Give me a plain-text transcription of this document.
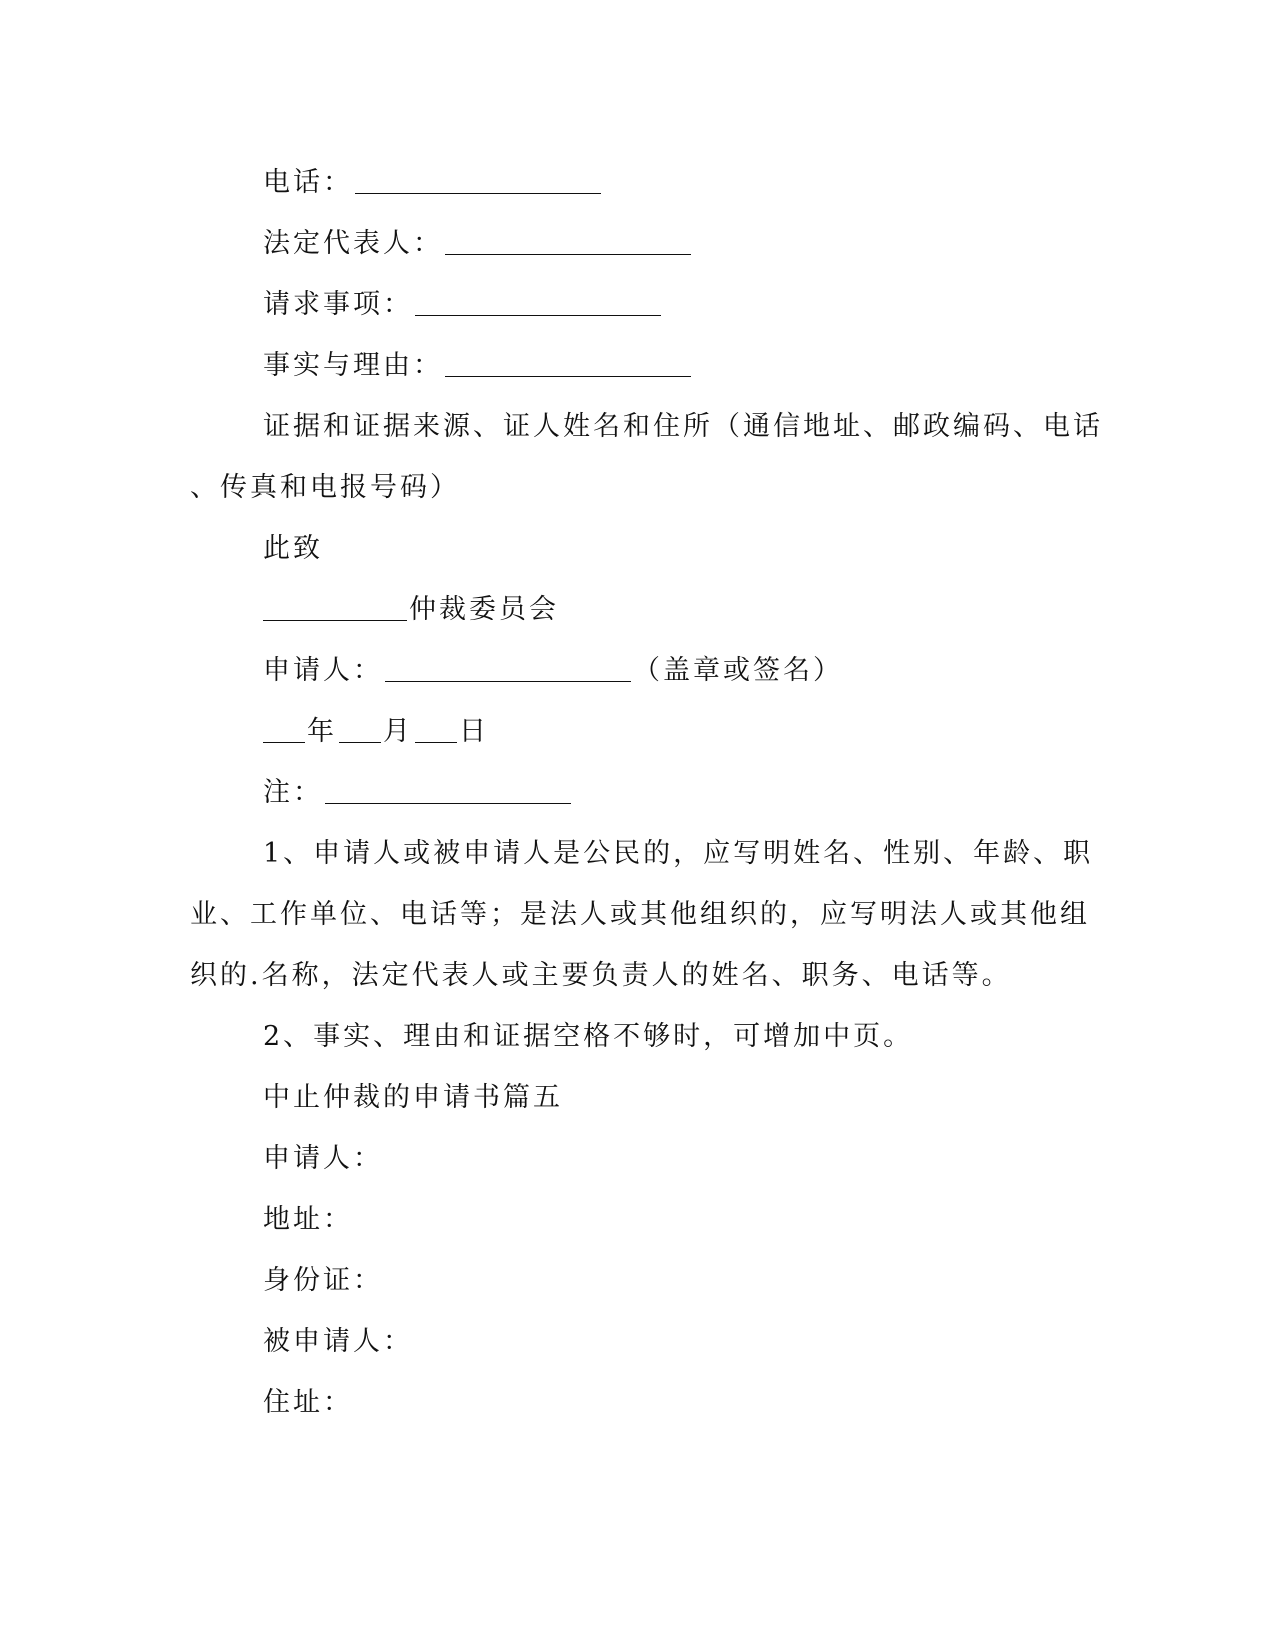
电话：
法定代表人：
请求事项：
事实与理由：
证据和证据来源、证人姓名和住所（通信地址、邮政编码、电话
、传真和电报号码）
此致
仲裁委员会
申请人：	（盖章或签名）
年 月 日
注：
1、申请人或被申请人是公民的，应写明姓名、性别、年龄、职
业、工作单位、电话等；是法人或其他组织的，应写明法人或其他组
织的.名称，法定代表人或主要负责人的姓名、职务、电话等。
2、事实、理由和证据空格不够时，可增加中页。
中止仲裁的申请书篇五
申请人：
地址：
身份证：
被申请人：
住址：
